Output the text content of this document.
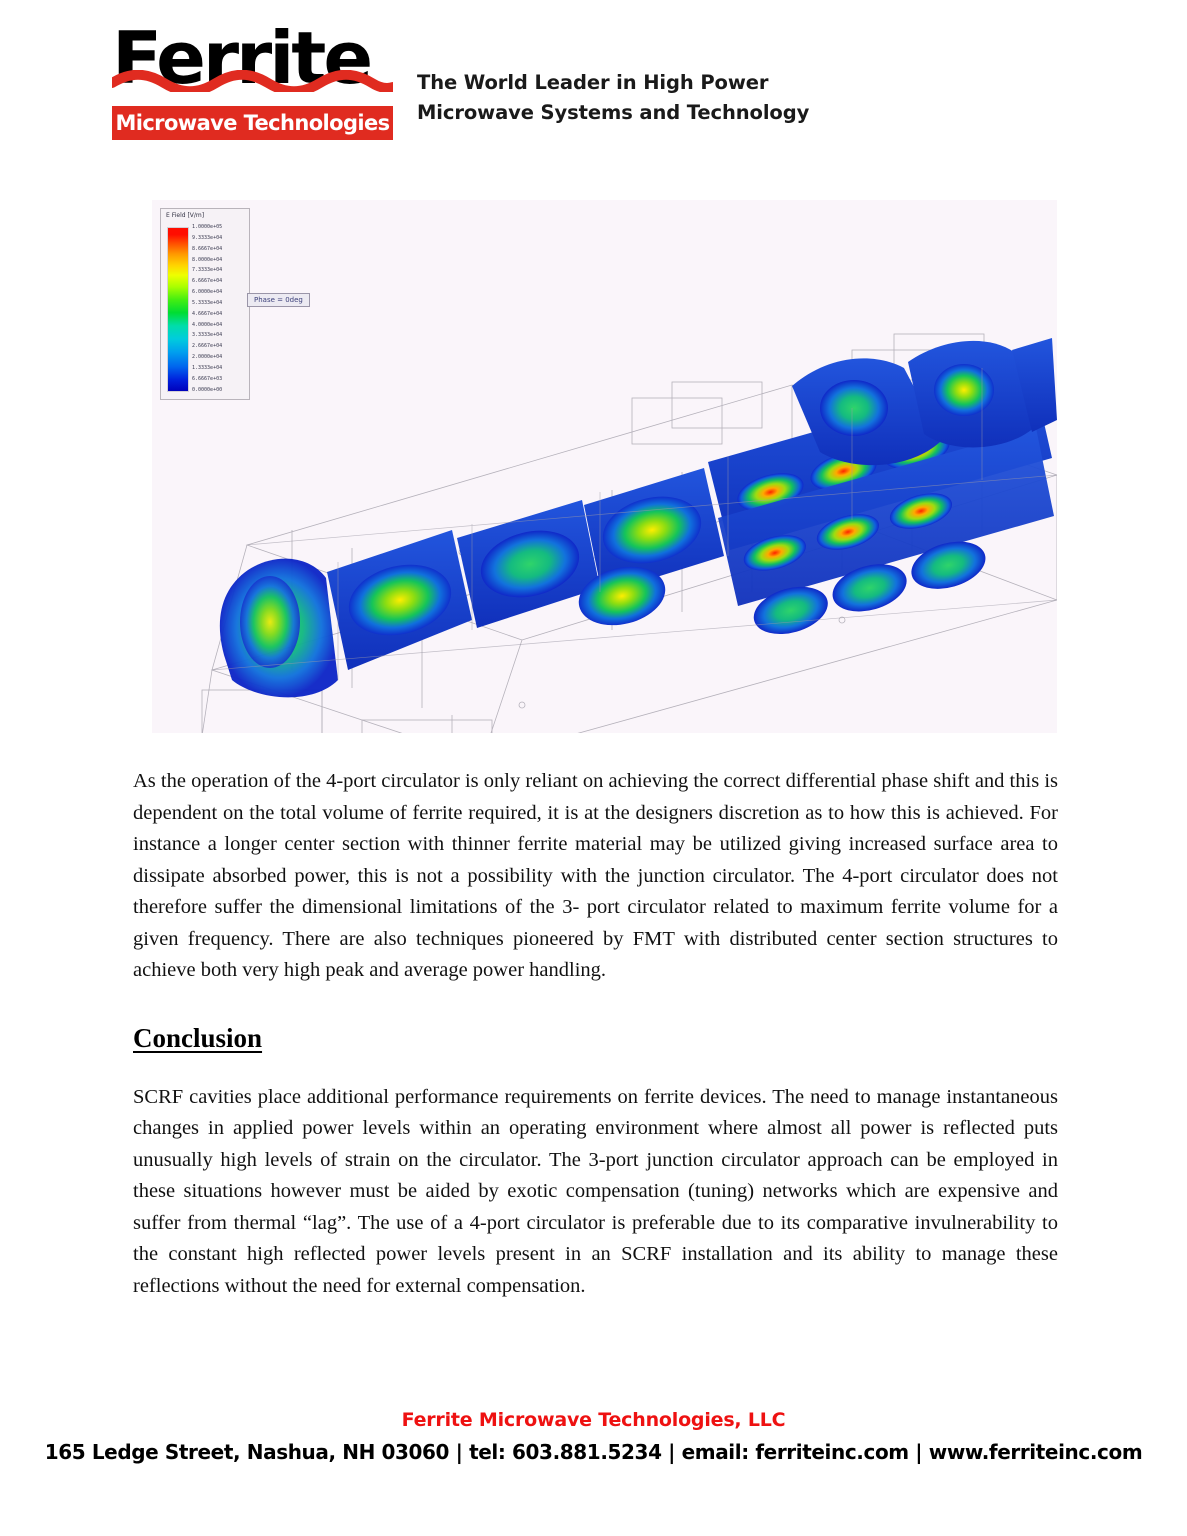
Ferrite
Microwave Technologies
The World Leader in High Power
Microwave Systems and Technology
E Field [V/m]
1.0000e+05
9.3333e+04
8.6667e+04
8.0000e+04
7.3333e+04
6.6667e+04
6.0000e+04
5.3333e+04
4.6667e+04
4.0000e+04
3.3333e+04
2.6667e+04
2.0000e+04
1.3333e+04
6.6667e+03
0.0000e+00
Phase = 0deg

As the operation of the 4-port circulator is only reliant on achieving the correct differential phase shift and this is dependent on the total volume of ferrite required, it is at the designers discretion as to how this is achieved. For instance a longer center section with thinner ferrite material may be utilized giving increased surface area to dissipate absorbed power, this is not a possibility with the junction circulator. The 4-port circulator does not therefore suffer the dimensional limitations of the 3- port circulator related to maximum ferrite volume for a given frequency. There are also techniques pioneered by FMT with distributed center section structures to achieve both very high peak and average power handling.

Conclusion

SCRF cavities place additional performance requirements on ferrite devices. The need to manage instantaneous changes in applied power levels within an operating environment where almost all power is reflected puts unusually high levels of strain on the circulator. The 3-port junction circulator approach can be employed in these situations however must be aided by exotic compensation (tuning) networks which are expensive and suffer from thermal “lag”. The use of a 4-port circulator is preferable due to its comparative invulnerability to the constant high reflected power levels present in an SCRF installation and its ability to manage these reflections without the need for external compensation.

Ferrite Microwave Technologies, LLC
165 Ledge Street, Nashua, NH 03060 | tel: 603.881.5234 | email: ferriteinc.com | www.ferriteinc.com
